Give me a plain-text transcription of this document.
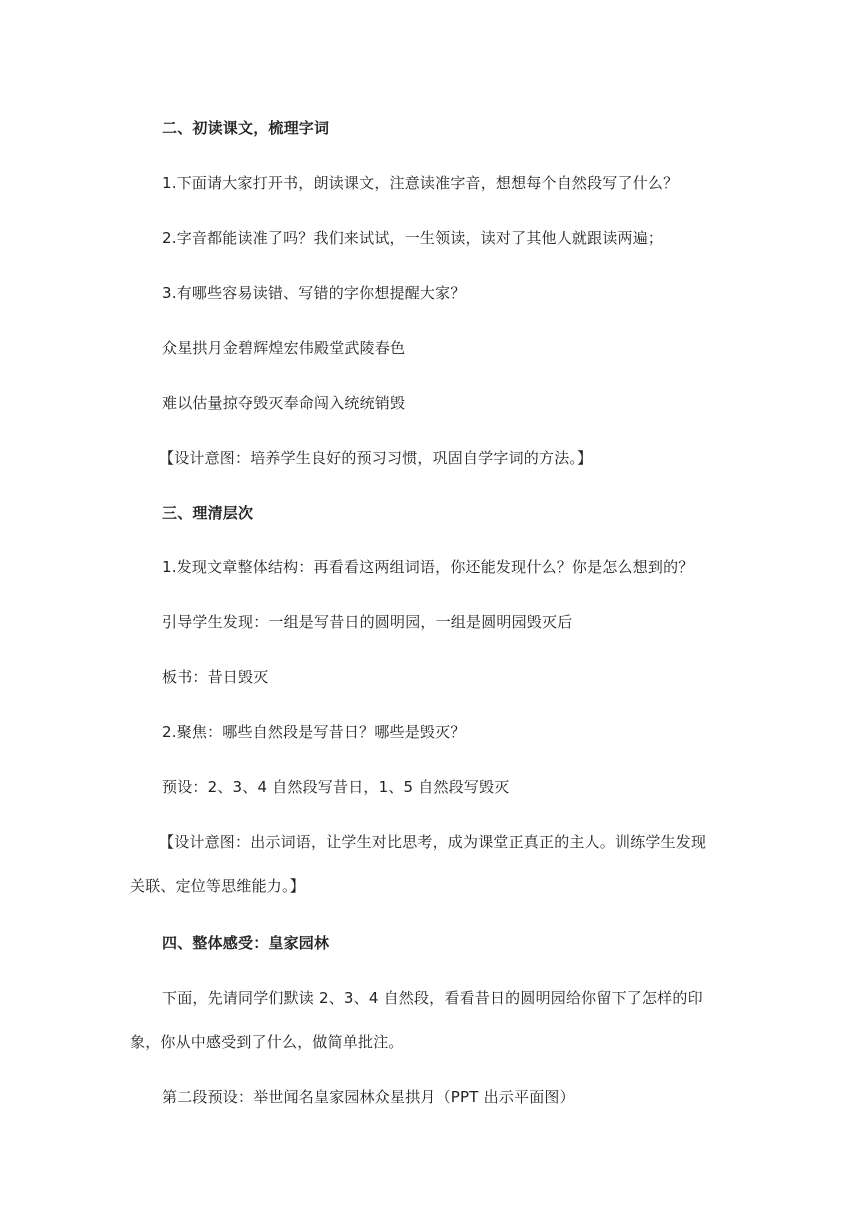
二、初读课文，梳理字词
1.下面请大家打开书，朗读课文，注意读准字音，想想每个自然段写了什么？
2.字音都能读准了吗？我们来试试，一生领读，读对了其他人就跟读两遍；
3.有哪些容易读错、写错的字你想提醒大家？
众星拱月金碧辉煌宏伟殿堂武陵春色
难以估量掠夺毁灭奉命闯入统统销毁
【设计意图：培养学生良好的预习习惯，巩固自学字词的方法。】
三、理清层次
1.发现文章整体结构：再看看这两组词语，你还能发现什么？你是怎么想到的？
引导学生发现：一组是写昔日的圆明园，一组是圆明园毁灭后
板书：昔日毁灭
2.聚焦：哪些自然段是写昔日？哪些是毁灭？
预设：2、3、4 自然段写昔日，1、5 自然段写毁灭
【设计意图：出示词语，让学生对比思考，成为课堂正真正的主人。训练学生发现
关联、定位等思维能力。】
四、整体感受：皇家园林
下面，先请同学们默读 2、3、4 自然段，看看昔日的圆明园给你留下了怎样的印
象，你从中感受到了什么，做简单批注。
第二段预设：举世闻名皇家园林众星拱月（PPT 出示平面图）
